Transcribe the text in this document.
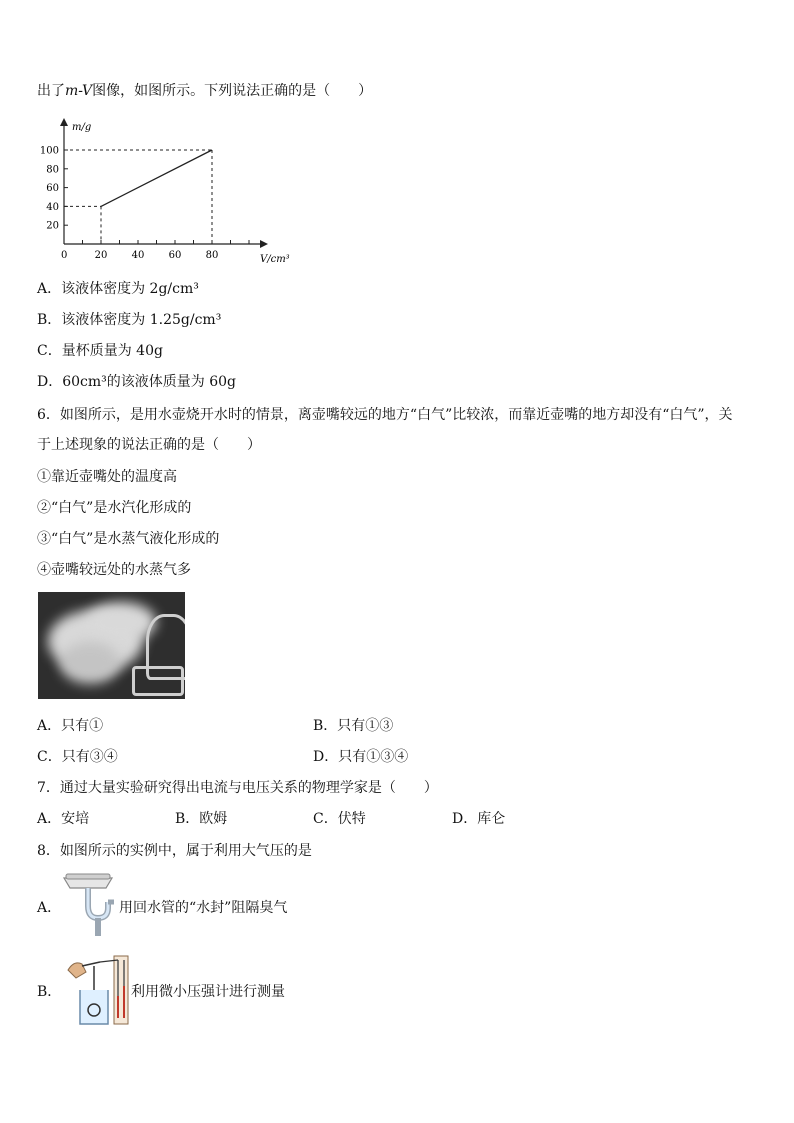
出了m-V图像，如图所示。下列说法正确的是（　　）
m/g
V/cm³
0
100
80
60
40
20
20 40 60 80
A．该液体密度为 2g/cm³
B．该液体密度为 1.25g/cm³
C．量杯质量为 40g
D．60cm³的该液体质量为 60g
6．如图所示，是用水壶烧开水时的情景，离壶嘴较远的地方“白气”比较浓，而靠近壶嘴的地方却没有“白气”，关
于上述现象的说法正确的是（　　）
①靠近壶嘴处的温度高
②“白气”是水汽化形成的
③“白气”是水蒸气液化形成的
④壶嘴较远处的水蒸气多
A．只有①	B．只有①③
C．只有③④	D．只有①③④
7．通过大量实验研究得出电流与电压关系的物理学家是（　　）
A．安培	B．欧姆	C．伏特	D．库仑
8．如图所示的实例中，属于利用大气压的是
A．	用回水管的“水封”阻隔臭气
B．	利用微小压强计进行测量
